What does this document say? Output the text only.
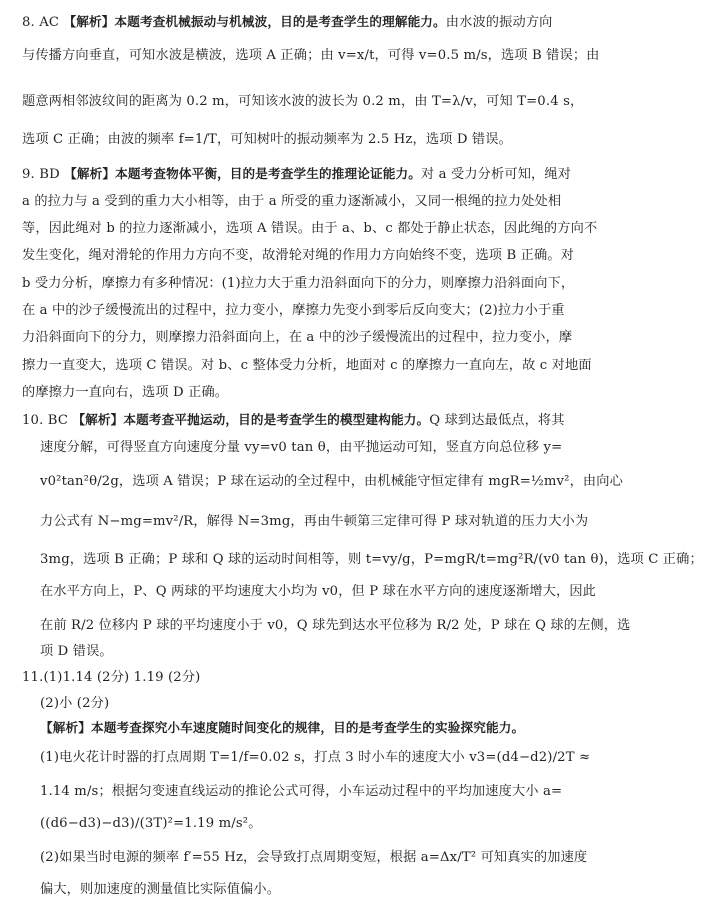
8. AC 【解析】本题考查机械振动与机械波，目的是考查学生的理解能力。由水波的振动方向
与传播方向垂直，可知水波是横波，选项 A 正确；由 v=x/t，可得 v=0.5 m/s，选项 B 错误；由
题意两相邻波纹间的距离为 0.2 m，可知该水波的波长为 0.2 m，由 T=λ/v，可知 T=0.4 s，
选项 C 正确；由波的频率 f=1/T，可知树叶的振动频率为 2.5 Hz，选项 D 错误。
9. BD 【解析】本题考查物体平衡，目的是考查学生的推理论证能力。对 a 受力分析可知，绳对
a 的拉力与 a 受到的重力大小相等，由于 a 所受的重力逐渐减小，又同一根绳的拉力处处相
等，因此绳对 b 的拉力逐渐减小，选项 A 错误。由于 a、b、c 都处于静止状态，因此绳的方向不
发生变化，绳对滑轮的作用力方向不变，故滑轮对绳的作用力方向始终不变，选项 B 正确。对
b 受力分析，摩擦力有多种情况：(1)拉力大于重力沿斜面向下的分力，则摩擦力沿斜面向下，
在 a 中的沙子缓慢流出的过程中，拉力变小，摩擦力先变小到零后反向变大；(2)拉力小于重
力沿斜面向下的分力，则摩擦力沿斜面向上，在 a 中的沙子缓慢流出的过程中，拉力变小，摩
擦力一直变大，选项 C 错误。对 b、c 整体受力分析，地面对 c 的摩擦力一直向左，故 c 对地面
的摩擦力一直向右，选项 D 正确。
10. BC 【解析】本题考查平抛运动，目的是考查学生的模型建构能力。Q 球到达最低点，将其
速度分解，可得竖直方向速度分量 vy=v0 tan θ，由平抛运动可知，竖直方向总位移 y=
v0²tan²θ/2g，选项 A 错误；P 球在运动的全过程中，由机械能守恒定律有 mgR=½mv²，由向心
力公式有 N−mg=mv²/R，解得 N=3mg，再由牛顿第三定律可得 P 球对轨道的压力大小为
3mg，选项 B 正确；P 球和 Q 球的运动时间相等，则 t=vy/g，P=mgR/t=mg²R/(v0 tan θ)，选项 C 正确；
在水平方向上，P、Q 两球的平均速度大小均为 v0，但 P 球在水平方向的速度逐渐增大，因此
在前 R/2 位移内 P 球的平均速度小于 v0，Q 球先到达水平位移为 R/2 处，P 球在 Q 球的左侧，选
项 D 错误。
11.(1)1.14 (2分) 1.19 (2分)
(2)小 (2分)
【解析】本题考查探究小车速度随时间变化的规律，目的是考查学生的实验探究能力。
(1)电火花计时器的打点周期 T=1/f=0.02 s，打点 3 时小车的速度大小 v3=(d4−d2)/2T ≈
1.14 m/s；根据匀变速直线运动的推论公式可得，小车运动过程中的平均加速度大小 a=
((d6−d3)−d3)/(3T)²=1.19 m/s²。
(2)如果当时电源的频率 f′=55 Hz，会导致打点周期变短，根据 a=Δx/T² 可知真实的加速度
偏大，则加速度的测量值比实际值偏小。
